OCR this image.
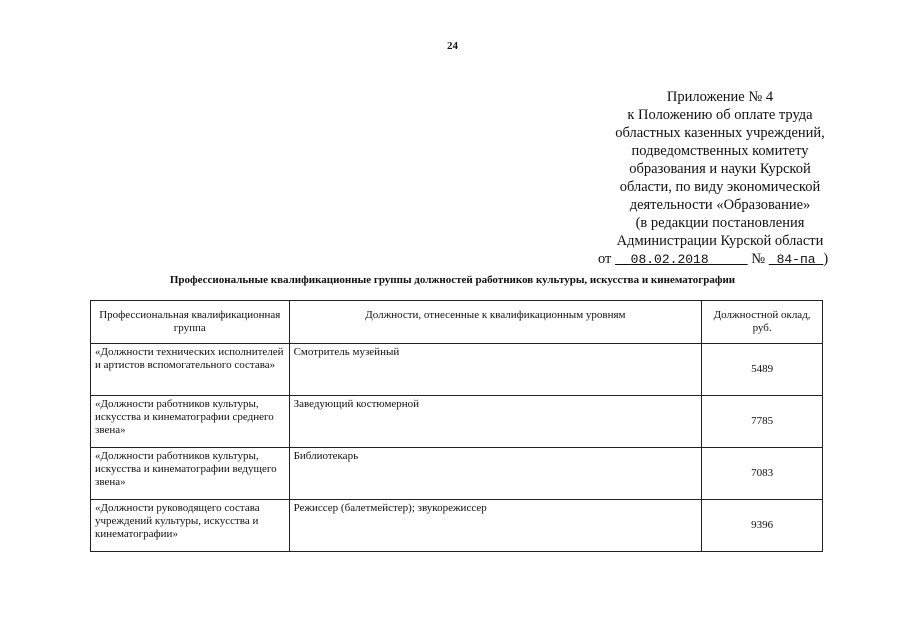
24
Приложение № 4
к Положению об оплате труда
областных казенных учреждений,
подведомственных комитету
образования и науки Курской
области, по виду экономической
деятельности «Образование»
(в редакции постановления
Администрации Курской области
от 08.02.2018	№ 84-па )
Профессиональные квалификационные группы должностей работников культуры, искусства и кинематографии
Профессиональная квалификационная группа	Должности, отнесенные к квалификационным уровням	Должностной оклад, руб.
«Должности технических исполнителей и артистов вспомогательного состава»	Смотритель музейный	5489
«Должности работников культуры, искусства и кинематографии среднего звена»	Заведующий костюмерной	7785
«Должности работников культуры, искусства и кинематографии ведущего звена»	Библиотекарь	7083
«Должности руководящего состава учреждений культуры, искусства и кинематографии»	Режиссер (балетмейстер); звукорежиссер	9396
